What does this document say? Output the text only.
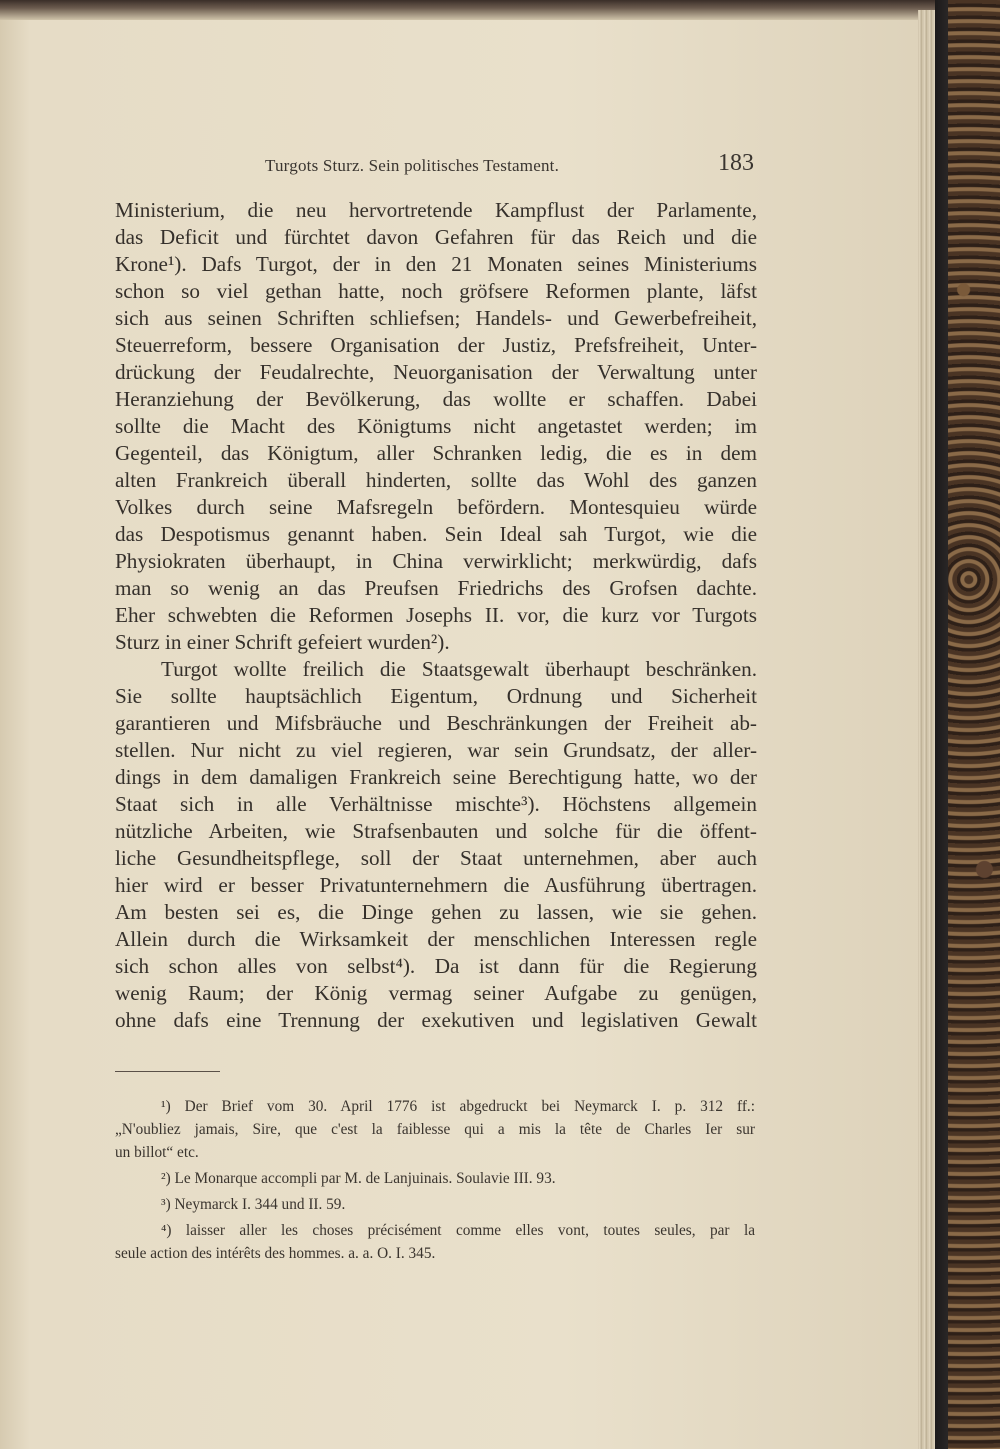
Turgots Sturz. Sein politisches Testament.	183
Ministerium, die neu hervortretende Kampflust der Parlamente,
das Deficit und fürchtet davon Gefahren für das Reich und die
Krone¹). Dafs Turgot, der in den 21 Monaten seines Ministeriums
schon so viel gethan hatte, noch gröfsere Reformen plante, läfst
sich aus seinen Schriften schliefsen; Handels- und Gewerbefreiheit,
Steuerreform, bessere Organisation der Justiz, Prefsfreiheit, Unter-
drückung der Feudalrechte, Neuorganisation der Verwaltung unter
Heranziehung der Bevölkerung, das wollte er schaffen. Dabei
sollte die Macht des Königtums nicht angetastet werden; im
Gegenteil, das Königtum, aller Schranken ledig, die es in dem
alten Frankreich überall hinderten, sollte das Wohl des ganzen
Volkes durch seine Mafsregeln befördern. Montesquieu würde
das Despotismus genannt haben. Sein Ideal sah Turgot, wie die
Physiokraten überhaupt, in China verwirklicht; merkwürdig, dafs
man so wenig an das Preufsen Friedrichs des Grofsen dachte.
Eher schwebten die Reformen Josephs II. vor, die kurz vor Turgots
Sturz in einer Schrift gefeiert wurden²).
Turgot wollte freilich die Staatsgewalt überhaupt beschränken.
Sie sollte hauptsächlich Eigentum, Ordnung und Sicherheit
garantieren und Mifsbräuche und Beschränkungen der Freiheit ab-
stellen. Nur nicht zu viel regieren, war sein Grundsatz, der aller-
dings in dem damaligen Frankreich seine Berechtigung hatte, wo der
Staat sich in alle Verhältnisse mischte³). Höchstens allgemein
nützliche Arbeiten, wie Strafsenbauten und solche für die öffent-
liche Gesundheitspflege, soll der Staat unternehmen, aber auch
hier wird er besser Privatunternehmern die Ausführung übertragen.
Am besten sei es, die Dinge gehen zu lassen, wie sie gehen.
Allein durch die Wirksamkeit der menschlichen Interessen regle
sich schon alles von selbst⁴). Da ist dann für die Regierung
wenig Raum; der König vermag seiner Aufgabe zu genügen,
ohne dafs eine Trennung der exekutiven und legislativen Gewalt
¹) Der Brief vom 30. April 1776 ist abgedruckt bei Neymarck I. p. 312 ff.:
„N'oubliez jamais, Sire, que c'est la faiblesse qui a mis la tête de Charles Ier sur
un billot“ etc.
²) Le Monarque accompli par M. de Lanjuinais. Soulavie III. 93.
³) Neymarck I. 344 und II. 59.
⁴) laisser aller les choses précisément comme elles vont, toutes seules, par la
seule action des intérêts des hommes. a. a. O. I. 345.
